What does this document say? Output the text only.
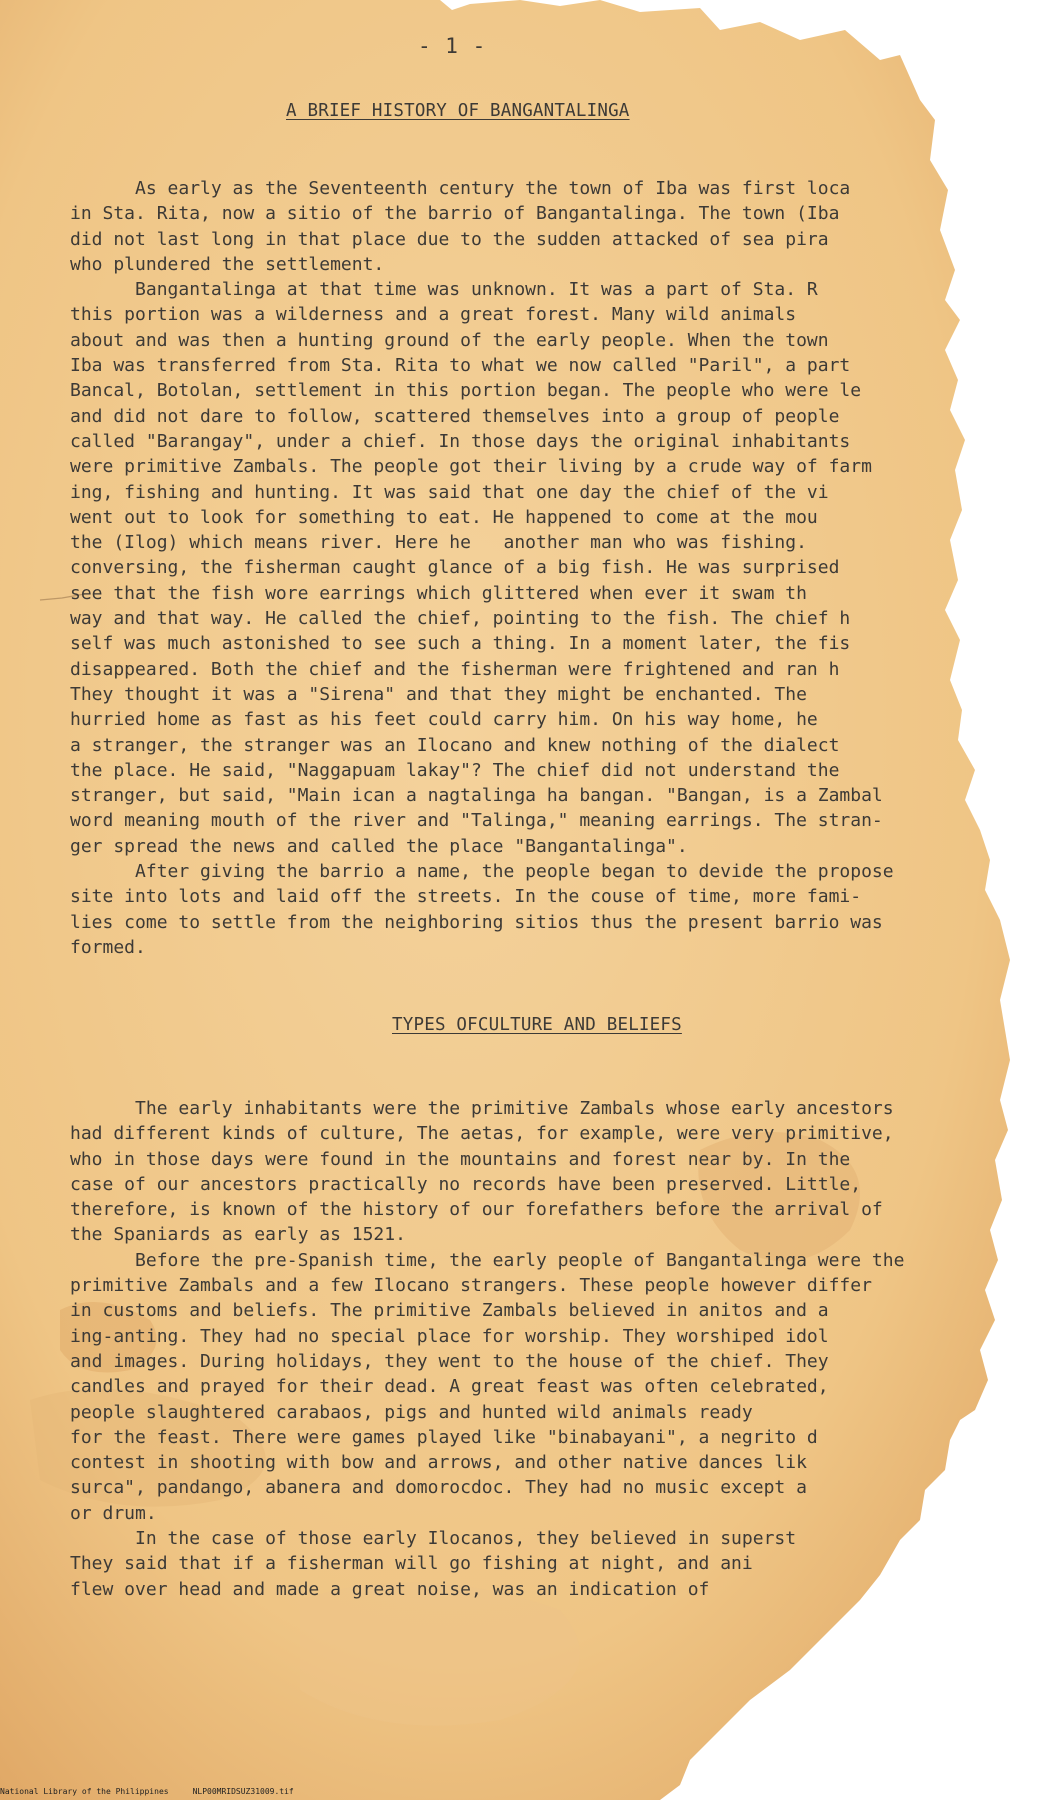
- 1 -
A BRIEF HISTORY OF BANGANTALINGA
As early as the Seventeenth century the town of Iba was first loca
in Sta. Rita, now a sitio of the barrio of Bangantalinga. The town (Iba
did not last long in that place due to the sudden attacked of sea pira
who plundered the settlement.
Bangantalinga at that time was unknown. It was a part of Sta. R
this portion was a wilderness and a great forest. Many wild animals
about and was then a hunting ground of the early people. When the town
Iba was transferred from Sta. Rita to what we now called "Paril", a part
Bancal, Botolan, settlement in this portion began. The people who were le
and did not dare to follow, scattered themselves into a group of people
called "Barangay", under a chief. In those days the original inhabitants
were primitive Zambals. The people got their living by a crude way of farm
ing, fishing and hunting. It was said that one day the chief of the vi
went out to look for something to eat. He happened to come at the mou
the (Ilog) which means river. Here he   another man who was fishing.
conversing, the fisherman caught glance of a big fish. He was surprised
see that the fish wore earrings which glittered when ever it swam th
way and that way. He called the chief, pointing to the fish. The chief h
self was much astonished to see such a thing. In a moment later, the fis
disappeared. Both the chief and the fisherman were frightened and ran h
They thought it was a "Sirena" and that they might be enchanted. The
hurried home as fast as his feet could carry him. On his way home, he
a stranger, the stranger was an Ilocano and knew nothing of the dialect
the place. He said, "Naggapuam lakay"? The chief did not understand the
stranger, but said, "Main ican a nagtalinga ha bangan. "Bangan, is a Zambal
word meaning mouth of the river and "Talinga," meaning earrings. The stran-
ger spread the news and called the place "Bangantalinga".
After giving the barrio a name, the people began to devide the propose
site into lots and laid off the streets. In the couse of time, more fami-
lies come to settle from the neighboring sitios thus the present barrio was
formed.
TYPES OFCULTURE AND BELIEFS
The early inhabitants were the primitive Zambals whose early ancestors
had different kinds of culture, The aetas, for example, were very primitive,
who in those days were found in the mountains and forest near by. In the
case of our ancestors practically no records have been preserved. Little,
therefore, is known of the history of our forefathers before the arrival of
the Spaniards as early as 1521.
Before the pre-Spanish time, the early people of Bangantalinga were the
primitive Zambals and a few Ilocano strangers. These people however differ
in customs and beliefs. The primitive Zambals believed in anitos and a
ing-anting. They had no special place for worship. They worshiped idol
and images. During holidays, they went to the house of the chief. They
candles and prayed for their dead. A great feast was often celebrated,
people slaughtered carabaos, pigs and hunted wild animals ready
for the feast. There were games played like "binabayani", a negrito d
contest in shooting with bow and arrows, and other native dances lik
surca", pandango, abanera and domorocdoc. They had no music except a
or drum.
In the case of those early Ilocanos, they believed in superst
They said that if a fisherman will go fishing at night, and ani
flew over head and made a great noise, was an indication of
National Library of the Philippines	NLP00MRIDSUZ31009.tif
